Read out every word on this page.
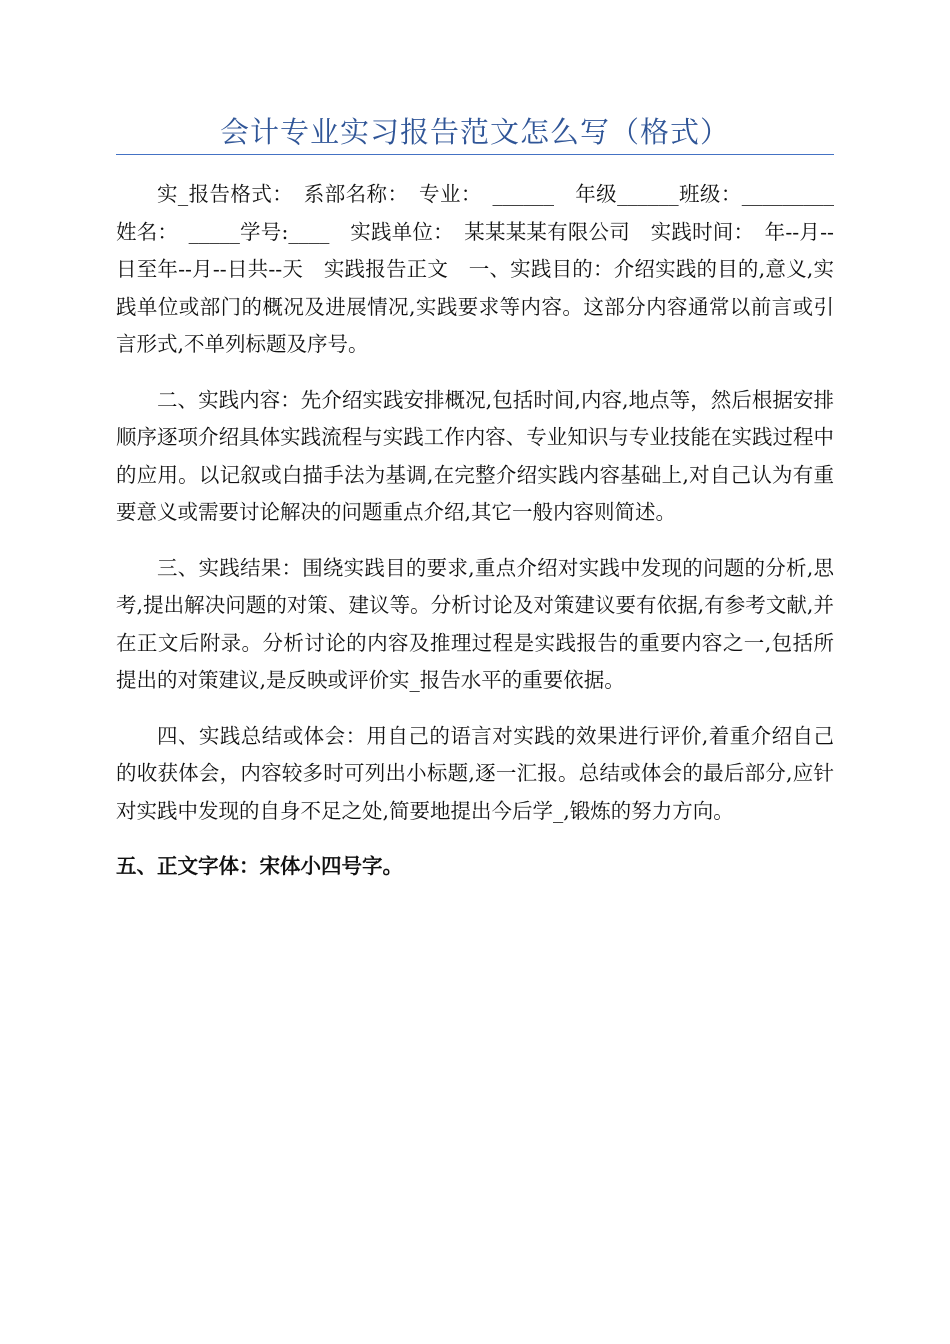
会计专业实习报告范文怎么写（格式）

实_报告格式：　系部名称：　专业：　______　年级______班级：_________姓名：　_____学号:____　实践单位：　某某某某有限公司　实践时间：　年--月--日至年--月--日共--天　实践报告正文　一、实践目的：介绍实践的目的,意义,实践单位或部门的概况及进展情况,实践要求等内容。这部分内容通常以前言或引言形式,不单列标题及序号。

二、实践内容：先介绍实践安排概况,包括时间,内容,地点等，然后根据安排顺序逐项介绍具体实践流程与实践工作内容、专业知识与专业技能在实践过程中的应用。以记叙或白描手法为基调,在完整介绍实践内容基础上,对自己认为有重要意义或需要讨论解决的问题重点介绍,其它一般内容则简述。

三、实践结果：围绕实践目的要求,重点介绍对实践中发现的问题的分析,思考,提出解决问题的对策、建议等。分析讨论及对策建议要有依据,有参考文献,并在正文后附录。分析讨论的内容及推理过程是实践报告的重要内容之一,包括所提出的对策建议,是反映或评价实_报告水平的重要依据。

四、实践总结或体会：用自己的语言对实践的效果进行评价,着重介绍自己的收获体会，内容较多时可列出小标题,逐一汇报。总结或体会的最后部分,应针对实践中发现的自身不足之处,简要地提出今后学_,锻炼的努力方向。

五、正文字体：宋体小四号字。
